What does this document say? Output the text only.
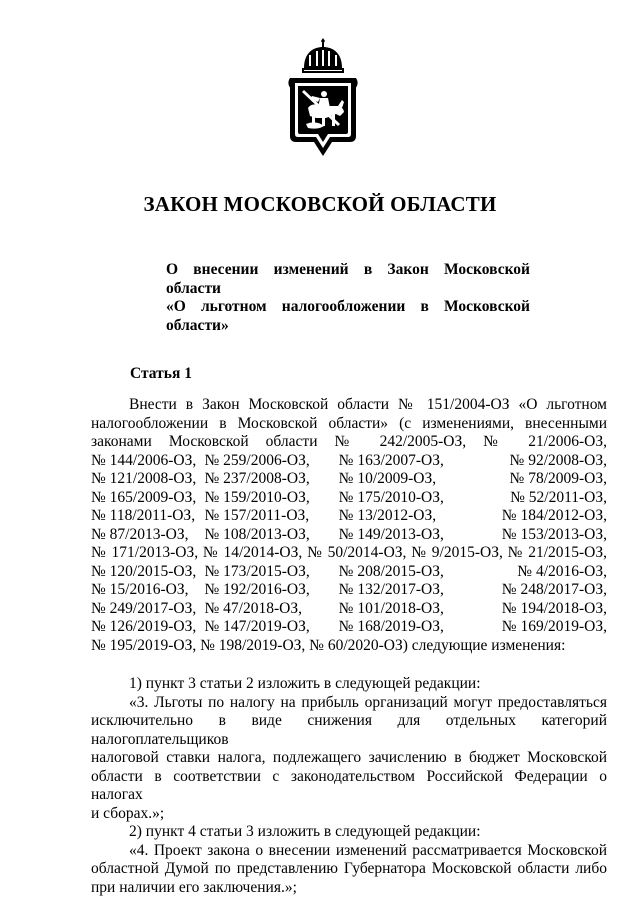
ЗАКОН МОСКОВСКОЙ ОБЛАСТИ
О внесении изменений в Закон Московской области
«О льготном налогообложении в Московской
области»
Статья 1
Внести в Закон Московской области № 151/2004-ОЗ «О льготном
налогообложении в Московской области» (с изменениями, внесенными
законами Московской области № 242/2005-ОЗ, № 21/2006-ОЗ,
№ 144/2006-ОЗ,	№ 259/2006-ОЗ,	№ 163/2007-ОЗ,	№ 92/2008-ОЗ,
№ 121/2008-ОЗ,	№ 237/2008-ОЗ,	№ 10/2009-ОЗ,	№ 78/2009-ОЗ,
№ 165/2009-ОЗ,	№ 159/2010-ОЗ,	№ 175/2010-ОЗ,	№ 52/2011-ОЗ,
№ 118/2011-ОЗ,	№ 157/2011-ОЗ,	№ 13/2012-ОЗ,	№ 184/2012-ОЗ,
№ 87/2013-ОЗ,	№ 108/2013-ОЗ,	№ 149/2013-ОЗ,	№ 153/2013-ОЗ,
№ 171/2013-ОЗ, № 14/2014-ОЗ, № 50/2014-ОЗ, № 9/2015-ОЗ, № 21/2015-ОЗ,			
№ 120/2015-ОЗ,	№ 173/2015-ОЗ,	№ 208/2015-ОЗ,	№ 4/2016-ОЗ,
№ 15/2016-ОЗ,	№ 192/2016-ОЗ,	№ 132/2017-ОЗ,	№ 248/2017-ОЗ,
№ 249/2017-ОЗ,	№ 47/2018-ОЗ,	№ 101/2018-ОЗ,	№ 194/2018-ОЗ,
№ 126/2019-ОЗ,	№ 147/2019-ОЗ,	№ 168/2019-ОЗ,	№ 169/2019-ОЗ,
№ 195/2019-ОЗ, № 198/2019-ОЗ, № 60/2020-ОЗ) следующие изменения:
1) пункт 3 статьи 2 изложить в следующей редакции:
«3. Льготы по налогу на прибыль организаций могут предоставляться
исключительно в виде снижения для отдельных категорий налогоплательщиков
налоговой ставки налога, подлежащего зачислению в бюджет Московской
области в соответствии с законодательством Российской Федерации о налогах
и сборах.»;
2) пункт 4 статьи 3 изложить в следующей редакции:
«4. Проект закона о внесении изменений рассматривается Московской
областной Думой по представлению Губернатора Московской области либо
при наличии его заключения.»;
